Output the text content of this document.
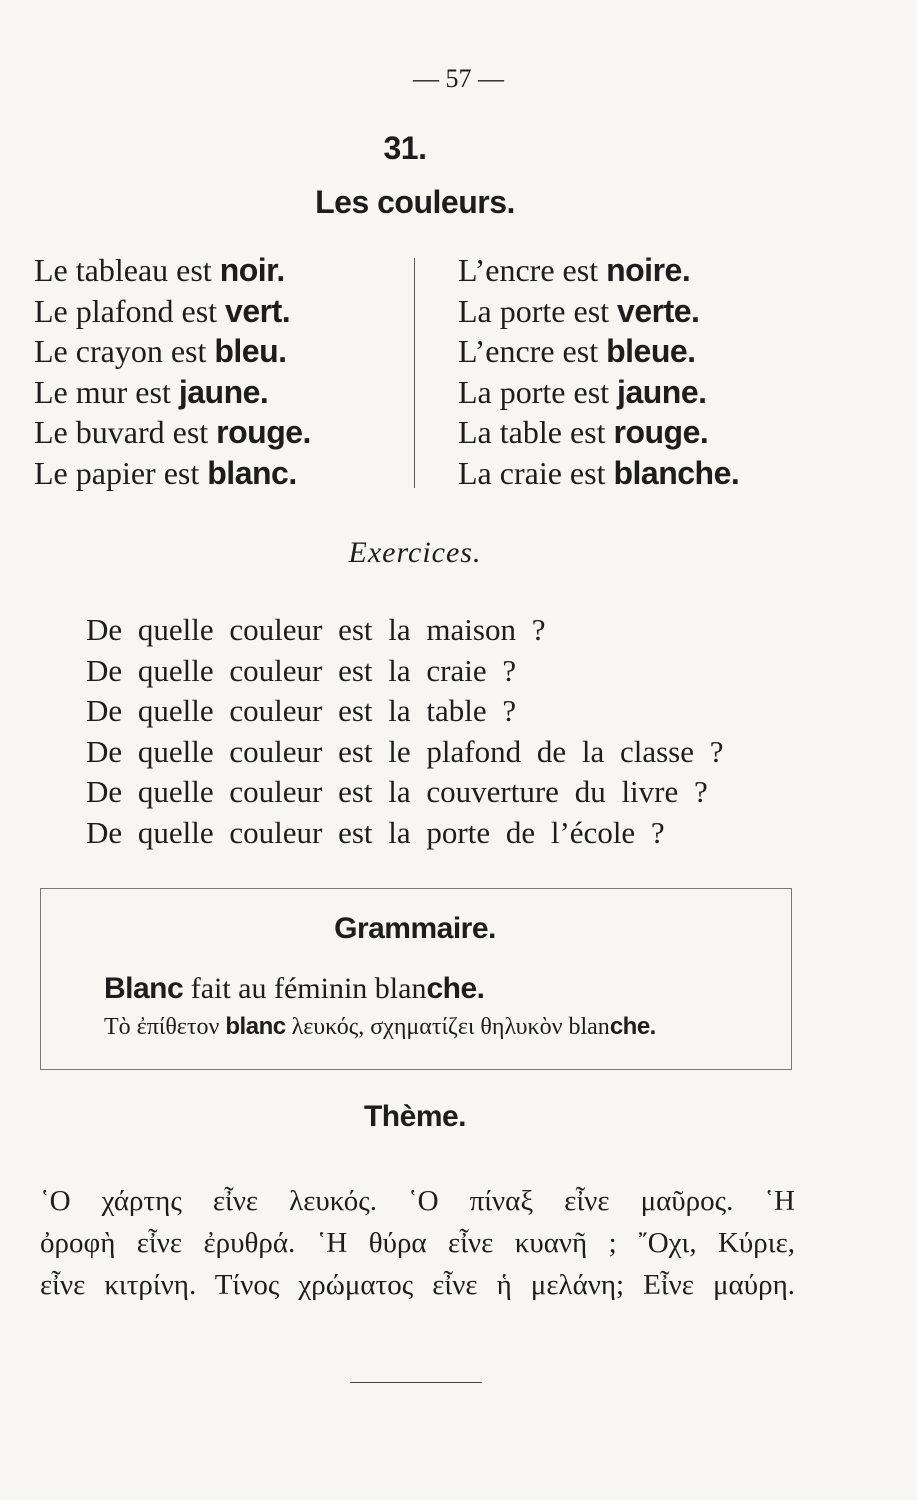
— 57 —
31.
Les couleurs.
Le tableau est noir.
Le plafond est vert.
Le crayon est bleu.
Le mur est jaune.
Le buvard est rouge.
Le papier est blanc.
L’encre est noire.
La porte est verte.
L’encre est bleue.
La porte est jaune.
La table est rouge.
La craie est blanche.
Exercices.
De quelle couleur est la maison ?
De quelle couleur est la craie ?
De quelle couleur est la table ?
De quelle couleur est le plafond de la classe ?
De quelle couleur est la couverture du livre ?
De quelle couleur est la porte de l’école ?
Grammaire.
Blanc fait au féminin blanche.
Τὸ ἐπίθετον blanc λευκός, σχηματίζει θηλυκὸν blanche.
Thème.
῾Ο χάρτης εἶνε λευκός. ῾Ο πίναξ εἶνε μαῦρος. ῾Η
ὀροφὴ εἶνε ἐρυθρά. ῾Η θύρα εἶνε κυανῆ ; ῎Οχι, Κύριε,
εἶνε κιτρίνη. Τίνος χρώματος εἶνε ἡ μελάνη; Εἶνε μαύρη.
